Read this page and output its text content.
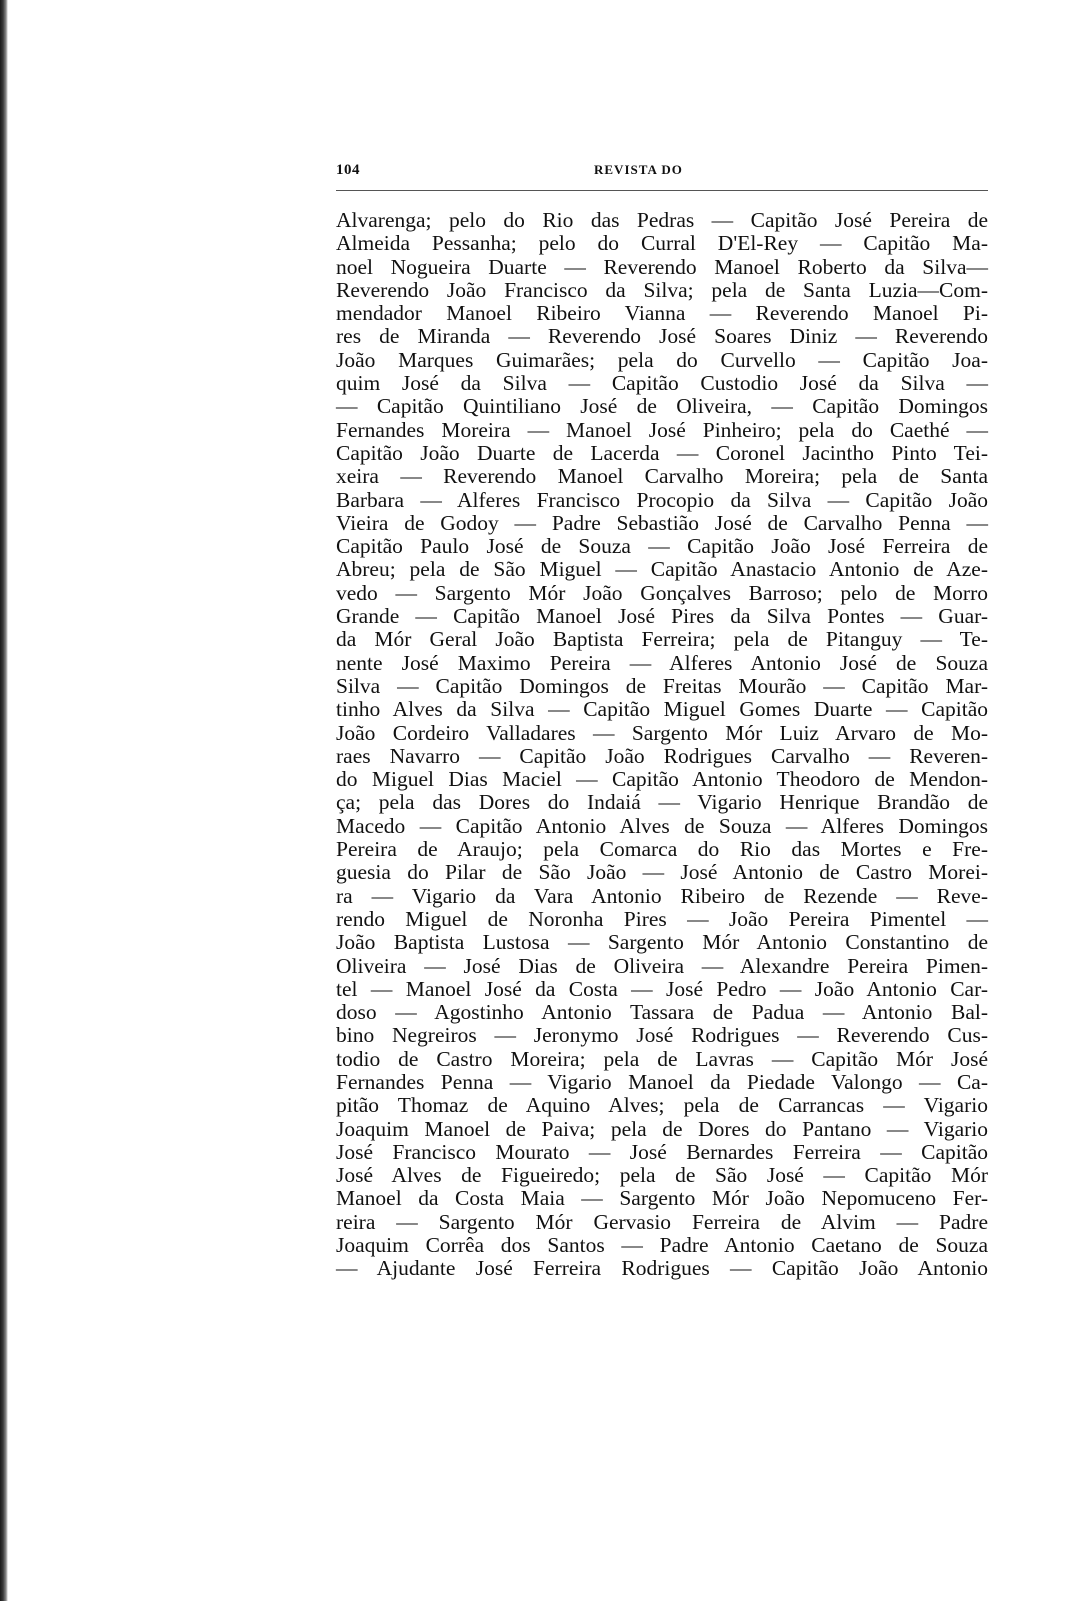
104	REVISTA DO
Alvarenga; pelo do Rio das Pedras — Capitão José Pereira de
Almeida Pessanha; pelo do Curral D'El-Rey — Capitão Ma-
noel Nogueira Duarte — Reverendo Manoel Roberto da Silva—
Reverendo João Francisco da Silva; pela de Santa Luzia—Com-
mendador Manoel Ribeiro Vianna — Reverendo Manoel Pi-
res de Miranda — Reverendo José Soares Diniz — Reverendo
João Marques Guimarães; pela do Curvello — Capitão Joa-
quim José da Silva — Capitão Custodio José da Silva —
— Capitão Quintiliano José de Oliveira, — Capitão Domingos
Fernandes Moreira — Manoel José Pinheiro; pela do Caethé —
Capitão João Duarte de Lacerda — Coronel Jacintho Pinto Tei-
xeira — Reverendo Manoel Carvalho Moreira; pela de Santa
Barbara — Alferes Francisco Procopio da Silva — Capitão João
Vieira de Godoy — Padre Sebastião José de Carvalho Penna —
Capitão Paulo José de Souza — Capitão João José Ferreira de
Abreu; pela de São Miguel — Capitão Anastacio Antonio de Aze-
vedo — Sargento Mór João Gonçalves Barroso; pelo de Morro
Grande — Capitão Manoel José Pires da Silva Pontes — Guar-
da Mór Geral João Baptista Ferreira; pela de Pitanguy — Te-
nente José Maximo Pereira — Alferes Antonio José de Souza
Silva — Capitão Domingos de Freitas Mourão — Capitão Mar-
tinho Alves da Silva — Capitão Miguel Gomes Duarte — Capitão
João Cordeiro Valladares — Sargento Mór Luiz Arvaro de Mo-
raes Navarro — Capitão João Rodrigues Carvalho — Reveren-
do Miguel Dias Maciel — Capitão Antonio Theodoro de Mendon-
ça; pela das Dores do Indaiá — Vigario Henrique Brandão de
Macedo — Capitão Antonio Alves de Souza — Alferes Domingos
Pereira de Araujo; pela Comarca do Rio das Mortes e Fre-
guesia do Pilar de São João — José Antonio de Castro Morei-
ra — Vigario da Vara Antonio Ribeiro de Rezende — Reve-
rendo Miguel de Noronha Pires — João Pereira Pimentel —
João Baptista Lustosa — Sargento Mór Antonio Constantino de
Oliveira — José Dias de Oliveira — Alexandre Pereira Pimen-
tel — Manoel José da Costa — José Pedro — João Antonio Car-
doso — Agostinho Antonio Tassara de Padua — Antonio Bal-
bino Negreiros — Jeronymo José Rodrigues — Reverendo Cus-
todio de Castro Moreira; pela de Lavras — Capitão Mór José
Fernandes Penna — Vigario Manoel da Piedade Valongo — Ca-
pitão Thomaz de Aquino Alves; pela de Carrancas — Vigario
Joaquim Manoel de Paiva; pela de Dores do Pantano — Vigario
José Francisco Mourato — José Bernardes Ferreira — Capitão
José Alves de Figueiredo; pela de São José — Capitão Mór
Manoel da Costa Maia — Sargento Mór João Nepomuceno Fer-
reira — Sargento Mór Gervasio Ferreira de Alvim — Padre
Joaquim Corrêa dos Santos — Padre Antonio Caetano de Souza
— Ajudante José Ferreira Rodrigues — Capitão João Antonio
